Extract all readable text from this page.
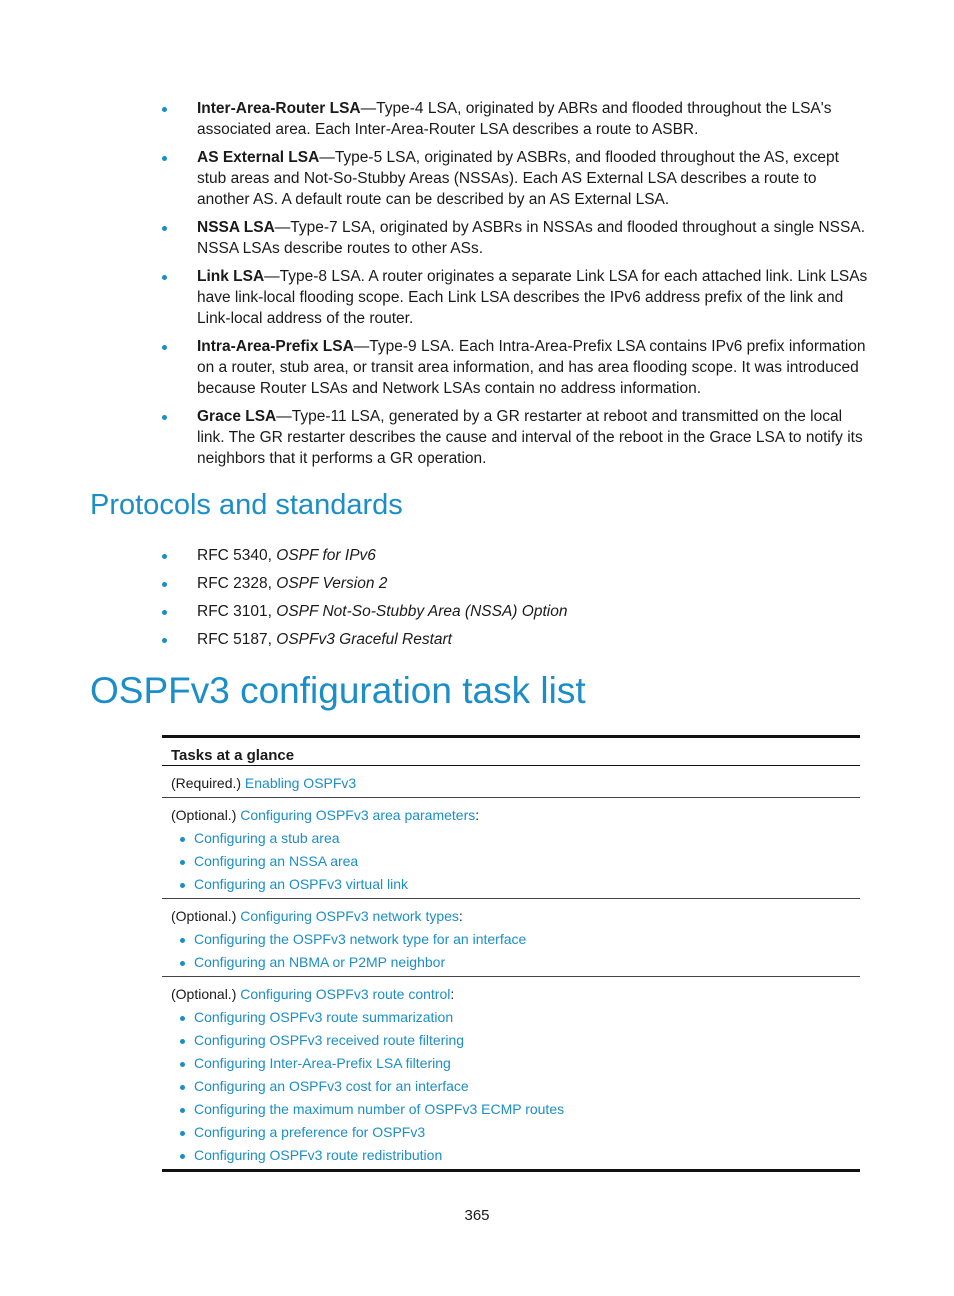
Inter-Area-Router LSA—Type-4 LSA, originated by ABRs and flooded throughout the LSA's associated area. Each Inter-Area-Router LSA describes a route to ASBR.
AS External LSA—Type-5 LSA, originated by ASBRs, and flooded throughout the AS, except stub areas and Not-So-Stubby Areas (NSSAs). Each AS External LSA describes a route to another AS. A default route can be described by an AS External LSA.
NSSA LSA—Type-7 LSA, originated by ASBRs in NSSAs and flooded throughout a single NSSA. NSSA LSAs describe routes to other ASs.
Link LSA—Type-8 LSA. A router originates a separate Link LSA for each attached link. Link LSAs have link-local flooding scope. Each Link LSA describes the IPv6 address prefix of the link and Link-local address of the router.
Intra-Area-Prefix LSA—Type-9 LSA. Each Intra-Area-Prefix LSA contains IPv6 prefix information on a router, stub area, or transit area information, and has area flooding scope. It was introduced because Router LSAs and Network LSAs contain no address information.
Grace LSA—Type-11 LSA, generated by a GR restarter at reboot and transmitted on the local link. The GR restarter describes the cause and interval of the reboot in the Grace LSA to notify its neighbors that it performs a GR operation.
Protocols and standards
RFC 5340, OSPF for IPv6
RFC 2328, OSPF Version 2
RFC 3101, OSPF Not-So-Stubby Area (NSSA) Option
RFC 5187, OSPFv3 Graceful Restart
OSPFv3 configuration task list
Tasks at a glance

(Required.) Enabling OSPFv3

(Optional.) Configuring OSPFv3 area parameters:
Configuring a stub area
Configuring an NSSA area
Configuring an OSPFv3 virtual link

(Optional.) Configuring OSPFv3 network types:
Configuring the OSPFv3 network type for an interface
Configuring an NBMA or P2MP neighbor

(Optional.) Configuring OSPFv3 route control:
Configuring OSPFv3 route summarization
Configuring OSPFv3 received route filtering
Configuring Inter-Area-Prefix LSA filtering
Configuring an OSPFv3 cost for an interface
Configuring the maximum number of OSPFv3 ECMP routes
Configuring a preference for OSPFv3
Configuring OSPFv3 route redistribution
365
